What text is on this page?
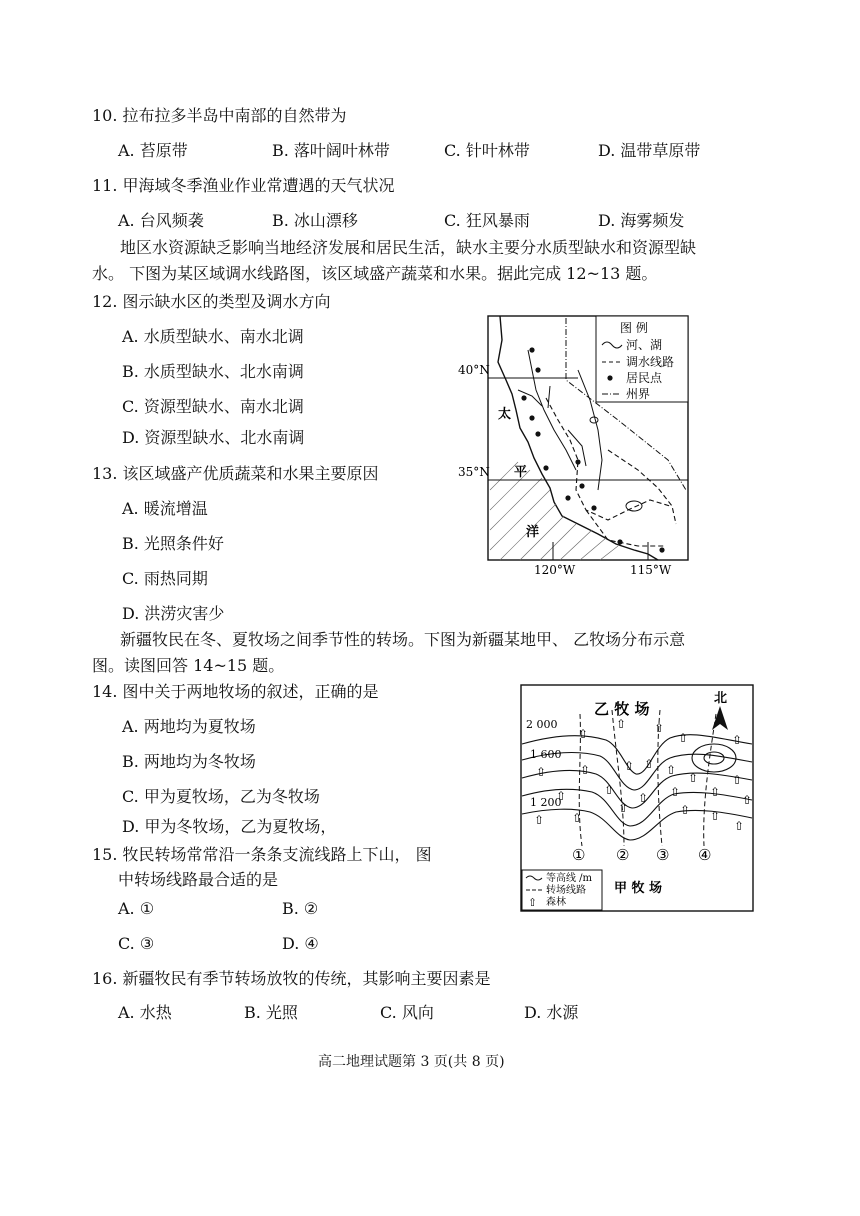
10. 拉布拉多半岛中南部的自然带为
A. 苔原带	B. 落叶阔叶林带	C. 针叶林带	D. 温带草原带
11. 甲海域冬季渔业作业常遭遇的天气状况
A. 台风频袭	B. 冰山漂移	C. 狂风暴雨	D. 海雾频发
地区水资源缺乏影响当地经济发展和居民生活，缺水主要分水质型缺水和资源型缺
水。 下图为某区域调水线路图，该区域盛产蔬菜和水果。据此完成 12~13 题。
12. 图示缺水区的类型及调水方向
A. 水质型缺水、南水北调
B. 水质型缺水、北水南调
C. 资源型缺水、南水北调
D. 资源型缺水、北水南调
13. 该区域盛产优质蔬菜和水果主要原因
A. 暖流增温
B. 光照条件好
C. 雨热同期
D. 洪涝灾害少
图 例
河、湖
调水线路
居民点
州界
太
平
洋
40°N
35°N
120°W	115°W
新疆牧民在冬、夏牧场之间季节性的转场。下图为新疆某地甲、 乙牧场分布示意
图。读图回答 14~15 题。
14. 图中关于两地牧场的叙述，正确的是
A. 两地均为夏牧场
B. 两地均为冬牧场
C. 甲为夏牧场，乙为冬牧场
D. 甲为冬牧场，乙为夏牧场，
15. 牧民转场常常沿一条条支流线路上下山， 图
中转场线路最合适的是
A. ①	B. ②
C. ③	D. ④
⇧
⇧ ⇧
⇧	⇧
⇧	⇧	⇧ ⇧ ⇧
⇧	⇧
⇧	⇧
⇧ ⇧ ⇧
⇧
⇧ ⇧
⇧	⇧ ⇧
⇧
北
乙 牧 场
甲 牧 场
2 000
1 600
1 200
① ② ③ ④
等高线 /m
转场线路
⇧ 森林
16. 新疆牧民有季节转场放牧的传统，其影响主要因素是
A. 水热	B. 光照	C. 风向	D. 水源
高二地理试题第 3 页(共 8 页)
